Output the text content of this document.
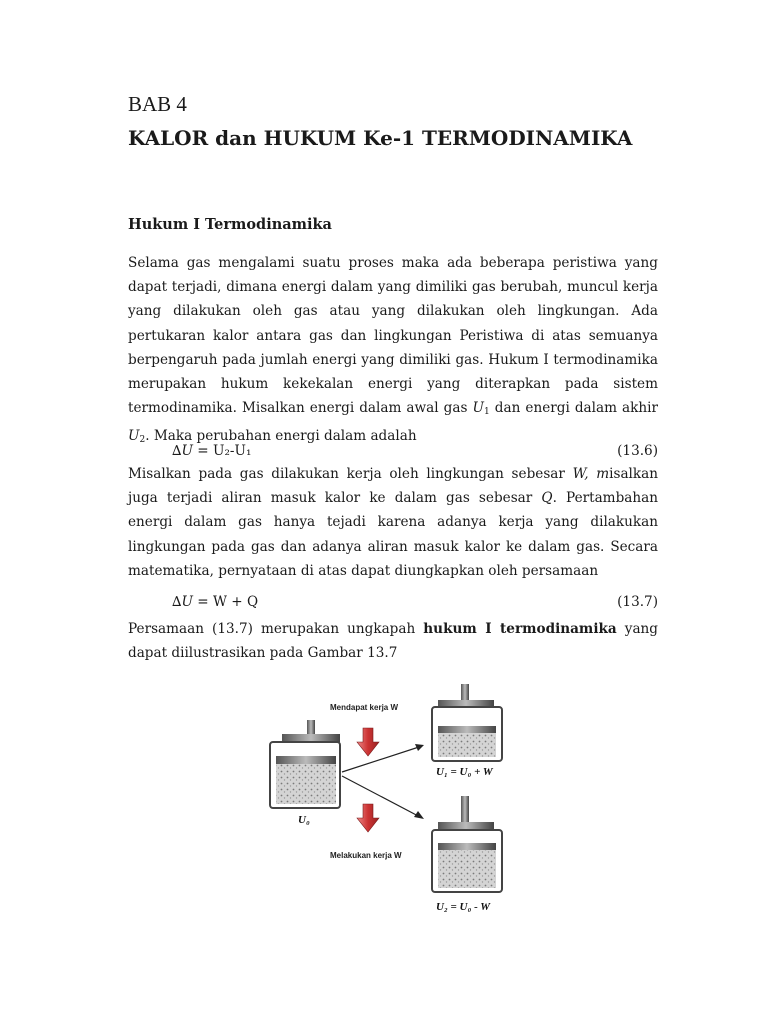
BAB 4
KALOR dan HUKUM Ke-1 TERMODINAMIKA
Hukum I Termodinamika
Selama gas mengalami suatu proses maka ada beberapa peristiwa yang dapat terjadi, dimana energi dalam yang dimiliki gas berubah, muncul kerja yang dilakukan oleh gas atau yang dilakukan oleh lingkungan. Ada pertukaran kalor antara gas dan lingkungan Peristiwa di atas semuanya berpengaruh pada jumlah energi yang dimiliki gas. Hukum I termodinamika merupakan hukum kekekalan energi yang diterapkan pada sistem termodinamika. Misalkan energi dalam awal gas $U_1$ dan energi dalam akhir $U_2$. Maka perubahan energi dalam adalah
∆U = U₂-U₁	(13.6)
Misalkan pada gas dilakukan kerja oleh lingkungan sebesar W, misalkan juga terjadi aliran masuk kalor ke dalam gas sebesar Q. Pertambahan energi dalam gas hanya tejadi karena adanya kerja yang dilakukan lingkungan pada gas dan adanya aliran masuk kalor ke dalam gas. Secara matematika, pernyataan di atas dapat diungkapkan oleh persamaan
∆U = W + Q	(13.7)
Persamaan (13.7) merupakan ungkapah hukum I termodinamika yang dapat diilustrasikan pada Gambar 13.7
U₀
U₁ = U₀ + W
U₂ = U₀ - W
Mendapat kerja W
Melakukan kerja W
